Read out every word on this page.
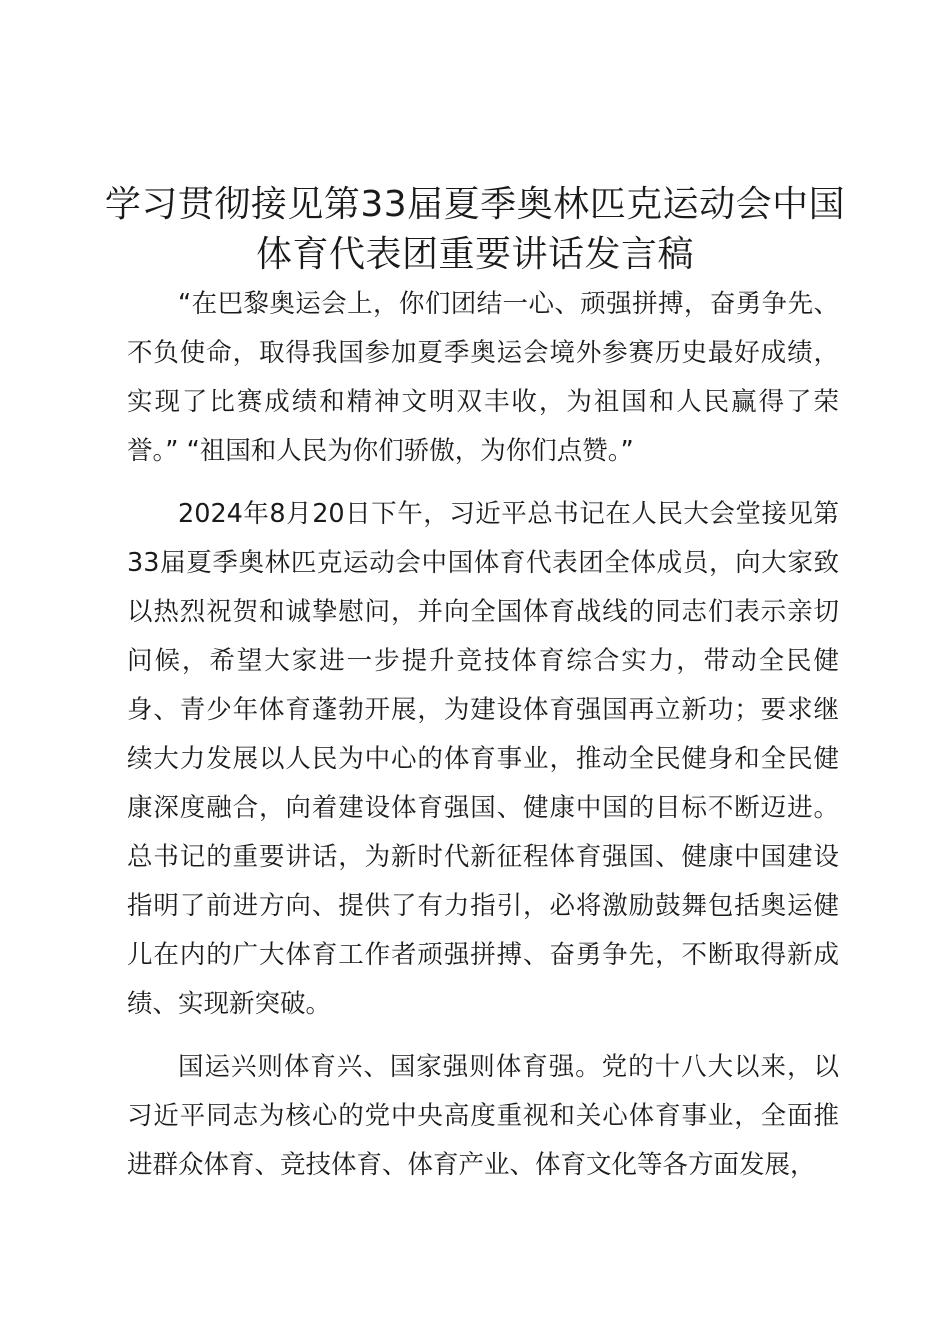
学习贯彻接见第33届夏季奥林匹克运动会中国体育代表团重要讲话发言稿

“在巴黎奥运会上，你们团结一心、顽强拼搏，奋勇争先、不负使命，取得我国参加夏季奥运会境外参赛历史最好成绩，实现了比赛成绩和精神文明双丰收，为祖国和人民赢得了荣誉。” “祖国和人民为你们骄傲，为你们点赞。”

2024年8月20日下午，习近平总书记在人民大会堂接见第33届夏季奥林匹克运动会中国体育代表团全体成员，向大家致以热烈祝贺和诚挚慰问，并向全国体育战线的同志们表示亲切问候，希望大家进一步提升竞技体育综合实力，带动全民健身、青少年体育蓬勃开展，为建设体育强国再立新功；要求继续大力发展以人民为中心的体育事业，推动全民健身和全民健康深度融合，向着建设体育强国、健康中国的目标不断迈进。总书记的重要讲话，为新时代新征程体育强国、健康中国建设指明了前进方向、提供了有力指引，必将激励鼓舞包括奥运健儿在内的广大体育工作者顽强拼搏、奋勇争先，不断取得新成绩、实现新突破。

国运兴则体育兴、国家强则体育强。党的十八大以来，以习近平同志为核心的党中央高度重视和关心体育事业，全面推进群众体育、竞技体育、体育产业、体育文化等各方面发展，
